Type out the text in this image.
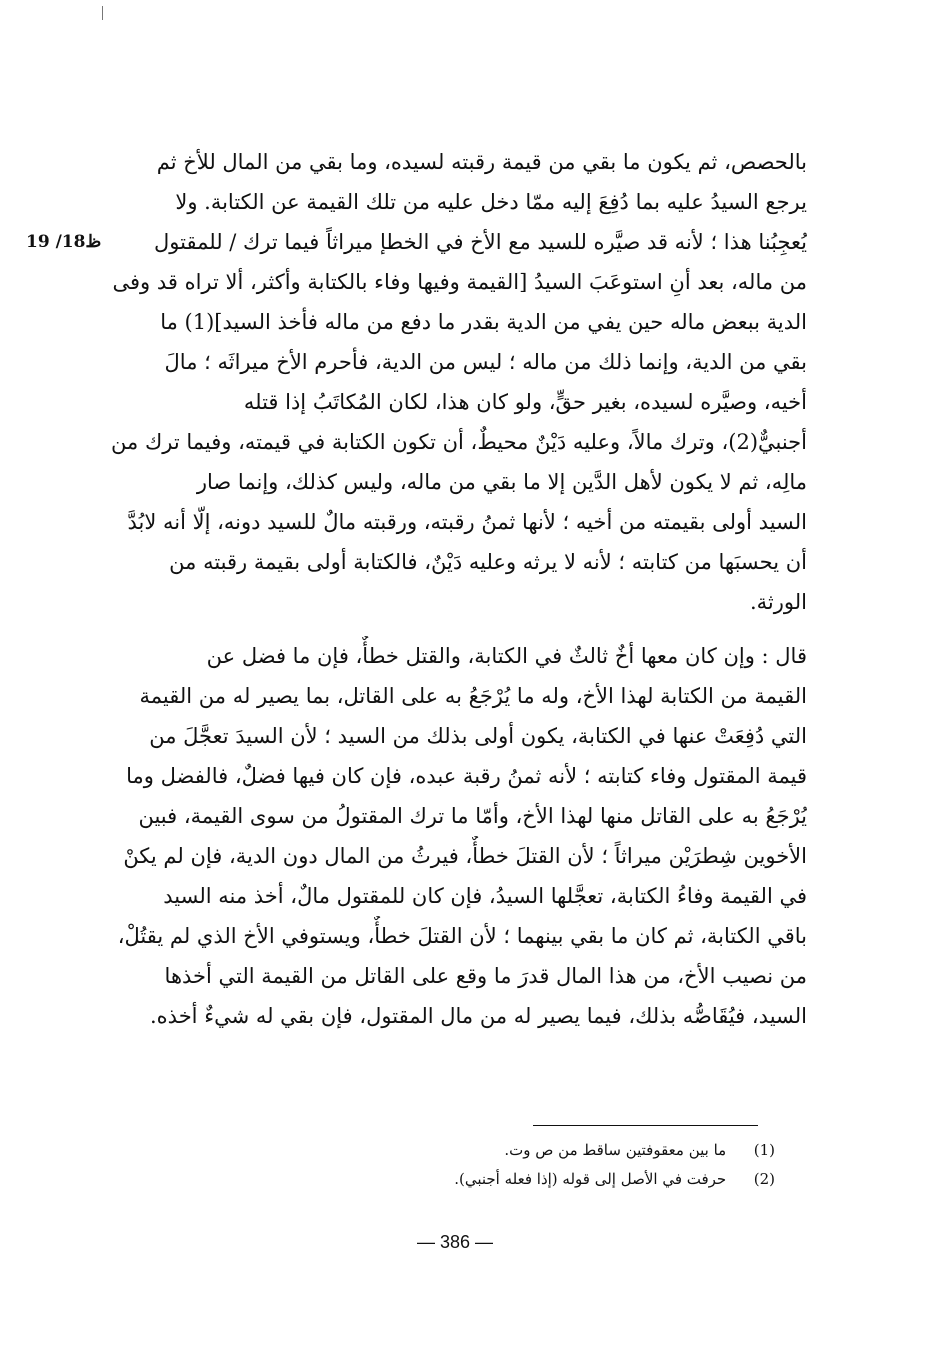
19 /18ظ
بالحصص، ثم يكون ما بقي من قيمة رقبته لسيده، وما بقي من المال للأخ ثم
يرجع السيدُ عليه بما دُفِعَ إليه ممّا دخل عليه من تلك القيمة عن الكتابة. ولا
يُعجِبُنا هذا ؛ لأنه قد صيَّره للسيد مع الأخ في الخطإ ميراثاً فيما ترك / للمقتول
من ماله، بعد أنِ استوعَبَ السيدُ [القيمة وفيها وفاء بالكتابة وأكثر، ألا تراه قد وفى
الدية ببعض ماله حين يفي من الدية بقدر ما دفع من ماله فأخذ السيد](1) ما
بقي من الدية، وإنما ذلك من ماله ؛ ليس من الدية، فأحرم الأخ ميراثَه ؛ مالَ
أخيه، وصيَّره لسيده، بغير حقٍّ، ولو كان هذا، لكان المُكاتَبُ إذا قتله
أجنبيٌّ(2)، وترك مالاً، وعليه دَيْنٌ محيطٌ، أن تكون الكتابة في قيمته، وفيما ترك من
مالِه، ثم لا يكون لأهل الدَّين إلا ما بقي من ماله، وليس كذلك، وإنما صار
السيد أولى بقيمته من أخيه ؛ لأنها ثمنُ رقبته، ورقبته مالٌ للسيد دونه، إلّا أنه لابُدَّ
أن يحسبَها من كتابته ؛ لأنه لا يرثه وعليه دَيْنٌ، فالكتابة أولى بقيمة رقبته من
الورثة.
قال : وإن كان معها أخٌ ثالثٌ في الكتابة، والقتل خطأٌ، فإن ما فضل عن
القيمة من الكتابة لهذا الأخ، وله ما يُرْجَعُ به على القاتل، بما يصير له من القيمة
التي دُفِعَتْ عنها في الكتابة، يكون أولى بذلك من السيد ؛ لأن السيدَ تعجَّلَ من
قيمة المقتول وفاء كتابته ؛ لأنه ثمنُ رقبة عبده، فإن كان فيها فضلٌ، فالفضل وما
يُرْجَعُ به على القاتل منها لهذا الأخ، وأمّا ما ترك المقتولُ من سوى القيمة، فبين
الأخوين شِطرَيْن ميراثاً ؛ لأن القتلَ خطأٌ، فيرثُ من المال دون الدية، فإن لم يكنْ
في القيمة وفاءُ الكتابة، تعجَّلها السيدُ، فإن كان للمقتول مالٌ، أخذ منه السيد
باقي الكتابة، ثم كان ما بقي بينهما ؛ لأن القتلَ خطأٌ، ويستوفي الأخ الذي لم يقتُلْ،
من نصيب الأخ، من هذا المال قدرَ ما وقع على القاتل من القيمة التي أخذها
السيد، فيُقَاصُّه بذلك، فيما يصير له من مال المقتول، فإن بقي له شيءٌ أخذه.
(1) ما بين معقوفتين ساقط من ص وت.
(2) حرفت في الأصل إلى قوله (إذا فعله أجنبي).
— 386 —
